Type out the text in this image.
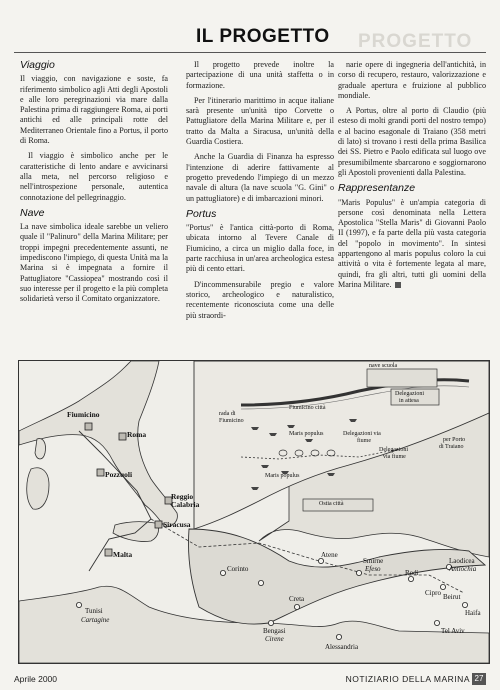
PROGETTO
IL PROGETTO
Viaggio

Il viaggio, con navigazione e soste, fa riferimento simbolico agli Atti degli Apostoli e alle loro peregrinazioni via mare dalla Palestina prima di raggiungere Roma, ai porti antichi ed alle principali rotte del Mediterraneo Orientale fino a Portus, il porto di Roma.

Il viaggio è simbolico anche per le caratteristiche di lento andare e avvicinarsi alla meta, nel percorso religioso e nell'introspezione personale, autentica connotazione del pellegrinaggio.

Nave

La nave simbolica ideale sarebbe un veliero quale il "Palinuro" della Marina Militare; per troppi impegni precedentemente assunti, ne impediscono l'impiego, di questa Unità ma la Marina si è impegnata a fornire il Pattugliatore "Cassiopea" mostrando così il suo interesse per il progetto e la più completa solidarietà verso il Comitato organizzatore.

Il progetto prevede inoltre la partecipazione di una unità staffetta o in formazione.

Per l'itinerario marittimo in acque italiane sarà presente un'unità tipo Corvette o Pattugliatore della Marina Militare e, per il tratto da Malta a Siracusa, un'unità della Guardia Costiera.

Anche la Guardia di Finanza ha espresso l'intenzione di aderire fattivamente al progetto prevedendo l'impiego di un mezzo navale di altura (la nave scuola "G. Gini" o un pattugliatore) e di imbarcazioni minori.

Portus

"Portus" è l'antica città-porto di Roma, ubicata intorno al Tevere Canale di Fiumicino, a circa un miglio dalla foce, in parte racchiusa in un'area archeologica estesa più di cento ettari.

D'incommensurabile pregio e valore storico, archeologico e naturalistico, recentemente riconosciuta come una delle più straordi-

narie opere di ingegneria dell'antichità, in corso di recupero, restauro, valorizzazione e graduale apertura e fruizione al pubblico mondiale.

A Portus, oltre al porto di Claudio (più esteso di molti grandi porti del nostro tempo) e al bacino esagonale di Traiano (358 metri di lato) si trovano i resti della prima Basilica dei SS. Pietro e Paolo edificata sul luogo ove presumibilmente sbarcarono e soggiornarono gli Apostoli provenienti dalla Palestina.

Rappresentanze

"Maris Populus" è un'ampia categoria di persone così denominata nella Lettera Apostolica "Stella Maris" di Giovanni Paolo II (1997), e fa parte della più vasta categoria del "popolo in movimento". In sintesi appartengono al maris populus coloro la cui attività o vita è fortemente legata al mare, quindi, fra gli altri, tutti gli uomini della Marina Militare.

Fiumicino
Roma
Pozzuoli
Reggio
Calabria
Siracusa
Malta
Tunisi
Cartagine
rada di
Fiumicino
Fiumicino città
nave scuola
Delegazioni
in attesa
Maris populus	Delegazioni via
fiume
Delegazioni
via fiume
per Porto
di Traiano
Maris populus
Ostia città
Corinto
Atene
Smirne
Efeso	Rodi
Creta
Cipro
Laodicea
Antiochia
Beirut
Haifa
Tel Aviv
Bengasi
Cirene
Alessandria
Aprile 2000	NOTIZIARIO DELLA MARINA 27
